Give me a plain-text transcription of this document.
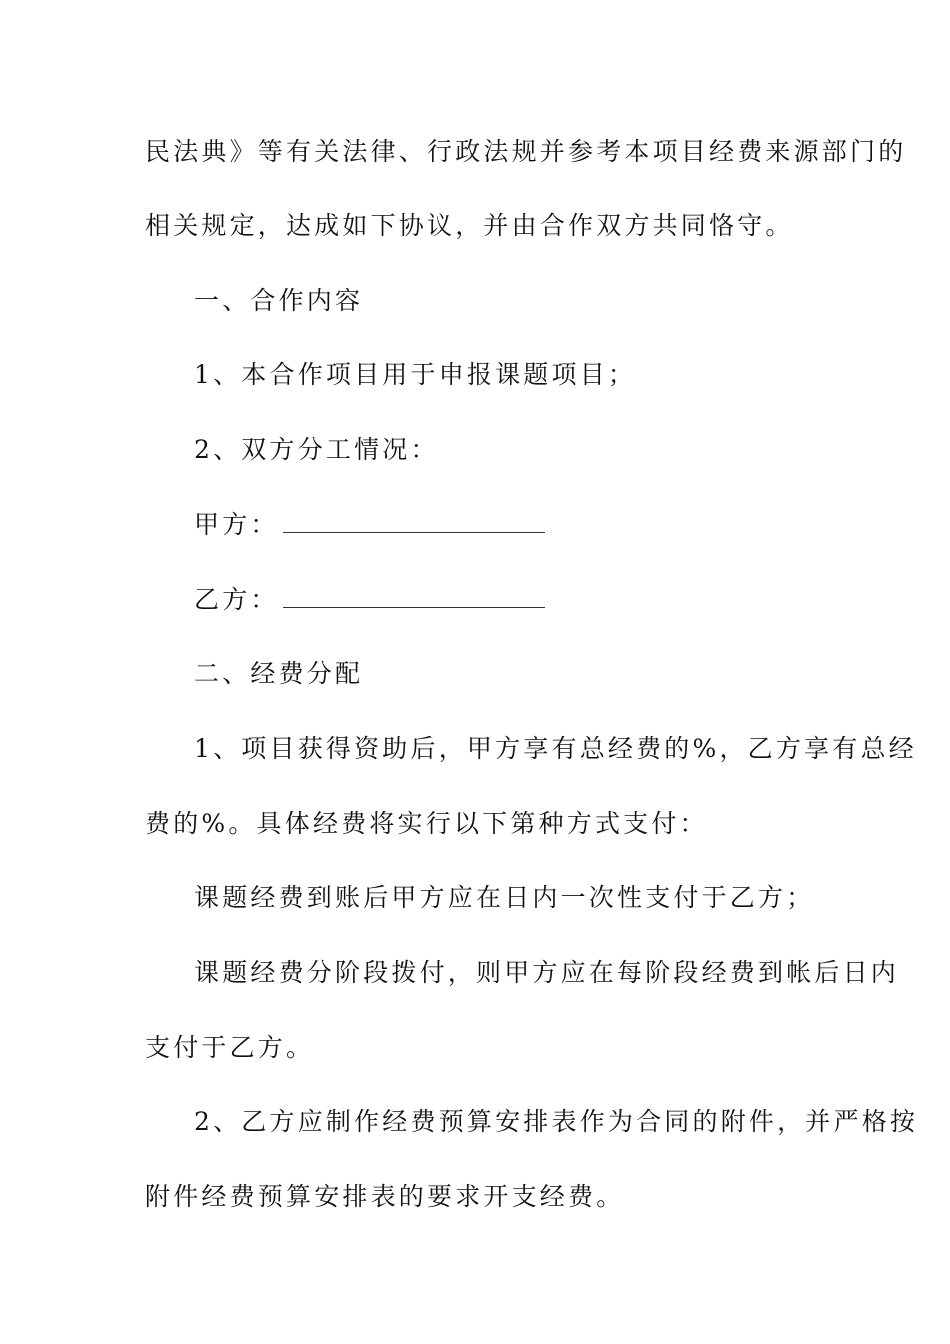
民法典》等有关法律、行政法规并参考本项目经费来源部门的
相关规定，达成如下协议，并由合作双方共同恪守。
一、合作内容
1、本合作项目用于申报课题项目；
2、双方分工情况：
甲方：
乙方：
二、经费分配
1、项目获得资助后，甲方享有总经费的%，乙方享有总经
费的%。具体经费将实行以下第种方式支付：
课题经费到账后甲方应在日内一次性支付于乙方；
课题经费分阶段拨付，则甲方应在每阶段经费到帐后日内
支付于乙方。
2、乙方应制作经费预算安排表作为合同的附件，并严格按
附件经费预算安排表的要求开支经费。
